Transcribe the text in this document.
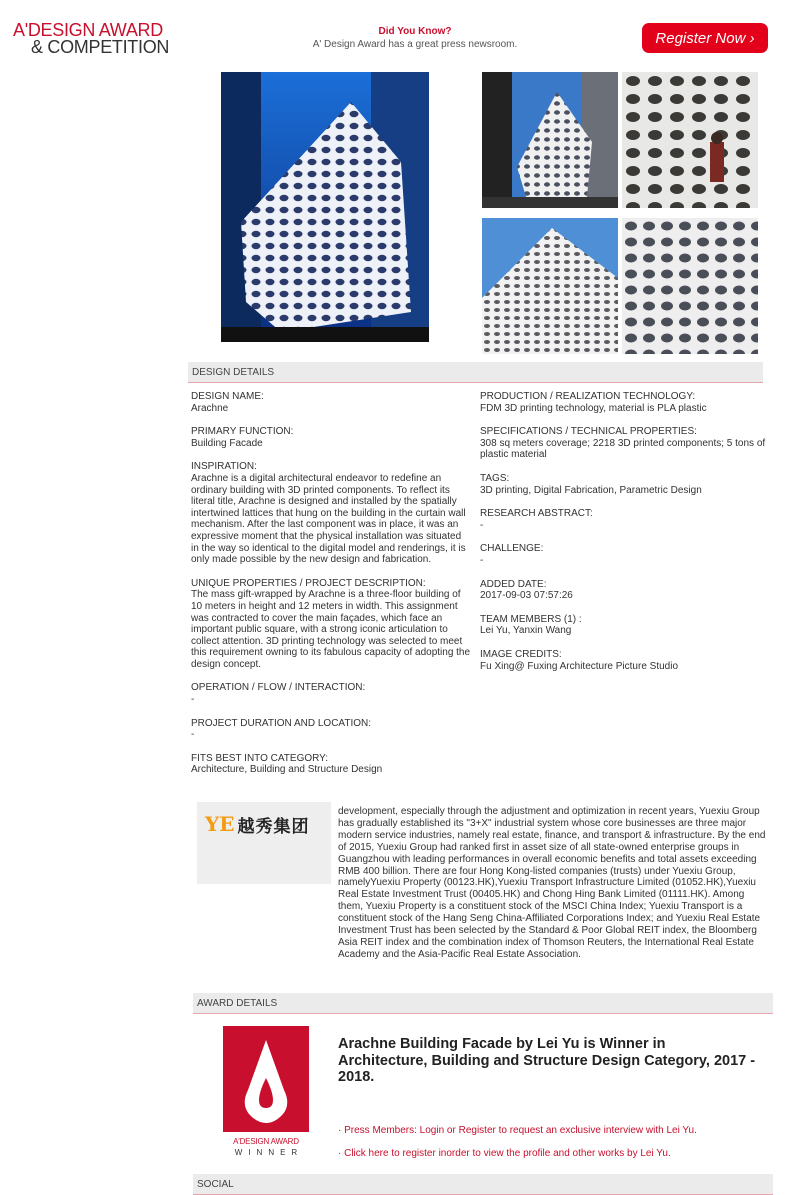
A'DESIGN AWARD
& COMPETITION
Did You Know?
A' Design Award has a great press newsroom.	Register Now ›
DESIGN DETAILS
DESIGN NAME:
Arachne
PRIMARY FUNCTION:
Building Facade
INSPIRATION:
Arachne is a digital architectural endeavor to redefine an ordinary building with 3D printed components. To reflect its literal title, Arachne is designed and installed by the spatially intertwined lattices that hung on the building in the curtain wall mechanism. After the last component was in place, it was an expressive moment that the physical installation was situated in the way so identical to the digital model and renderings, it is only made possible by the new design and fabrication.
UNIQUE PROPERTIES / PROJECT DESCRIPTION:
The mass gift-wrapped by Arachne is a three-floor building of 10 meters in height and 12 meters in width. This assignment was contracted to cover the main façades, which face an important public square, with a strong iconic articulation to collect attention. 3D printing technology was selected to meet this requirement owning to its fabulous capacity of adopting the design concept.
OPERATION / FLOW / INTERACTION:
-
PROJECT DURATION AND LOCATION:
-
FITS BEST INTO CATEGORY:
Architecture, Building and Structure Design
PRODUCTION / REALIZATION TECHNOLOGY:
FDM 3D printing technology, material is PLA plastic
SPECIFICATIONS / TECHNICAL PROPERTIES:
308 sq meters coverage; 2218 3D printed components; 5 tons of plastic material
TAGS:
3D printing, Digital Fabrication, Parametric Design
RESEARCH ABSTRACT:
-
CHALLENGE:
-
ADDED DATE:
2017-09-03 07:57:26
TEAM MEMBERS (1) :
Lei Yu, Yanxin Wang
IMAGE CREDITS:
Fu Xing@ Fuxing Architecture Picture Studio
YE 越秀集团
development, especially through the adjustment and optimization in recent years, Yuexiu Group has gradually established its "3+X" industrial system whose core businesses are three major modern service industries, namely real estate, finance, and transport & infrastructure. By the end of 2015, Yuexiu Group had ranked first in asset size of all state-owned enterprise groups in Guangzhou with leading performances in overall economic benefits and total assets exceeding RMB 400 billion. There are four Hong Kong-listed companies (trusts) under Yuexiu Group, namelyYuexiu Property (00123.HK),Yuexiu Transport Infrastructure Limited (01052.HK),Yuexiu Real Estate Investment Trust (00405.HK) and Chong Hing Bank Limited (01111.HK). Among them, Yuexiu Property is a constituent stock of the MSCI China Index; Yuexiu Transport is a constituent stock of the Hang Seng China-Affiliated Corporations Index; and Yuexiu Real Estate Investment Trust has been selected by the Standard & Poor Global REIT index, the Bloomberg Asia REIT index and the combination index of Thomson Reuters, the International Real Estate Academy and the Asia-Pacific Real Estate Association.
AWARD DETAILS
A'DESIGN AWARD
WINNER
Arachne Building Facade by Lei Yu is Winner in Architecture, Building and Structure Design Category, 2017 - 2018.
· Press Members: Login or Register to request an exclusive interview with Lei Yu.
· Click here to register inorder to view the profile and other works by Lei Yu.
SOCIAL
